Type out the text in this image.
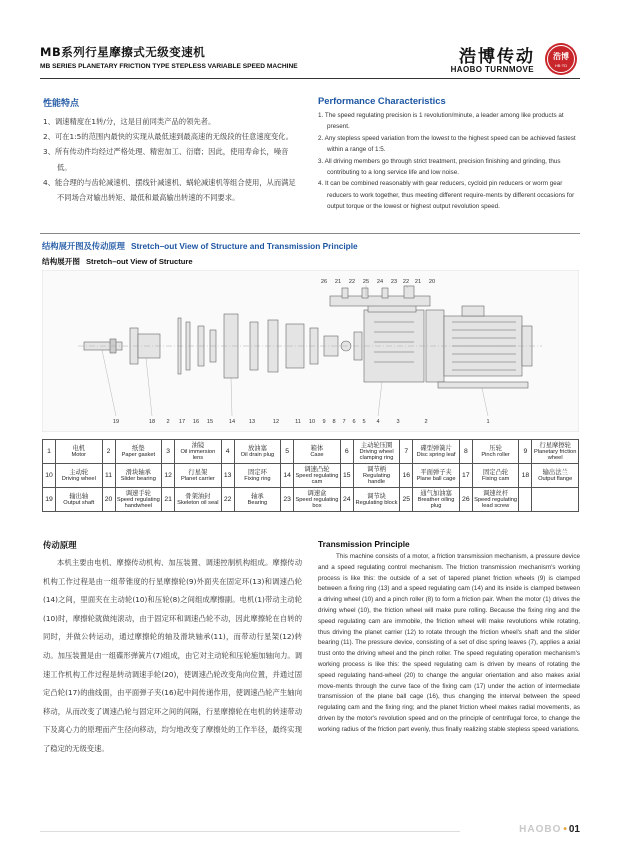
MB系列行星摩擦式无级变速机
MB SERIES PLANETARY FRICTION TYPE STEPLESS VARIABLE SPEED MACHINE	浩博传动
HAOBO TURNMOVE
浩博
HB·TD
性能特点	Performance Characteristics
1、调速精度在1转/分，这是目前同类产品的领先者。
2、可在1:5的范围内最快的实现从最低速到最高速的无级段的任意速度变化。
3、所有传动件均经过严格处理、精密加工、衍磨；因此，使用寿命长，噪音低。
4、能合理的与齿轮减速机、摆线针减速机、蜗轮减速机等组合使用，从而满足不同场合对输出转矩、最低和最高输出转速的不同要求。
1. The speed regulating precision is 1 revolution/minute, a leader among like products at present.
2. Any stepless speed variation from the lowest to the highest speed can be achieved fastest within a range of 1:5.
3. All driving members go through strict treatment, precision finishing and grinding, thus contributing to a long service life and low noise.
4. It can be combined reasonably with gear reducers, cycloid pin reducers or worm gear reducers to work together, thus meeting different require-ments by different occasions for output torque or the lowest or highest output revolution speed.
结构展开图及传动原理 Stretch–out View of Structure and Transmission Principle
结构展开图 Stretch–out View of Structure
26 21 22 25 24 23 22 21 20
19	18 2 17 16 15	14 13	12	11 10 9 8 7 6 5 4	3	2	1
1	电机
Motor	2	纸垫
Paper gasket	3	油镜
Oil immersion lens	4	放油塞
Oil drain plug	5	箱体
Case	6	主动轮压圈
Driving wheel clamping ring	7	碟型弹簧片
Disc spring leaf	8	压轮
Pinch roller	9	行星摩擦轮
Planetary friction wheel

10	主动轮
Driving wheel	11	滑块轴承
Slider bearing	12	行星架
Planet carrier	13	固定环
Fixing ring	14	调速凸轮
Speed regulating cam	15	调节柄
Regulating handle	16	平面弹子夹
Plane ball cage	17	固定凸轮
Fixing cam	18	输出法兰
Output flange

19	输出轴
Output shaft	20	调速手轮
Speed regulating handwheel	21	骨架油封
Skeleton oil seal	22	轴承
Bearing	23	调速盒
Speed regulating box	24	调节块
Regulating block	25	通气加油塞
Breather oiling plug	26	调速丝杆
Speed regulating lead screw		

传动原理
本机主要由电机、摩擦传动机构、加压装置、调速控制机构组成。摩擦传动机构工作过程是由一组带锥度的行星摩擦轮(9)外面夹在固定环(13)和调速凸轮(14)之间，里面夹在主动轮(10)和压轮(8)之间组成摩擦副。电机(1)带动主动轮(10)时，摩擦轮就做纯滚动，由于固定环和调速凸轮不动，因此摩擦轮在自转的同时，并做公转运动，通过摩擦轮的轴及滑块轴承(11)，而带动行星架(12)转动。加压装置是由一组碟形弹簧片(7)组成，由它对主动轮和压轮施加轴向力。调速工作机构工作过程是转动调速手轮(20)，使调速凸轮改变角向位置，并通过固定凸轮(17)的曲线面，由平面弹子夹(16)起中间传递作用，使调速凸轮产生轴向移动，从而改变了调速凸轮与固定环之间的间隔，行星摩擦轮在电机的转速带动下及离心力的原理而产生径向移动，均匀地改变了摩擦处的工作半径，最终实现了稳定的无级变速。
Transmission Principle
This machine consists of a motor, a friction transmission mechanism, a pressure device and a speed regulating control mechanism. The friction transmission mechanism's working process is like this: the outside of a set of tapered planet friction wheels (9) is clamped between a fixing ring (13) and a speed regulating cam (14) and its inside is clamped between a driving wheel (10) and a pinch roller (8) to form a friction pair. When the motor (1) drives the driving wheel (10), the friction wheel will make pure rolling. Because the fixing ring and the speed regulating cam are immobile, the friction wheel will make revolutions while rotating, thus driving the planet carrier (12) to rotate through the friction wheel's shaft and the slider bearing (11). The pressure device, consisting of a set of disc spring leaves (7), applies a axial trust onto the driving wheel and the pinch roller. The speed regulating operation mechanism's working process is like this: the speed regulating cam is driven by means of rotating the speed regulating hand-wheel (20) to change the angular orientation and also makes axial move-ments through the curve face of the fixing cam (17) under the action of intermediate transmission of the plane ball cage (16), thus changing the interval between the speed regulating cam and the fixing ring; and the planet friction wheel makes radial movements, as driven by the motor's revolution speed and on the principle of centrifugal force, to change the working radius of the friction part evenly, thus finally realizing stable stepless speed variations.
HAOBO • 01
